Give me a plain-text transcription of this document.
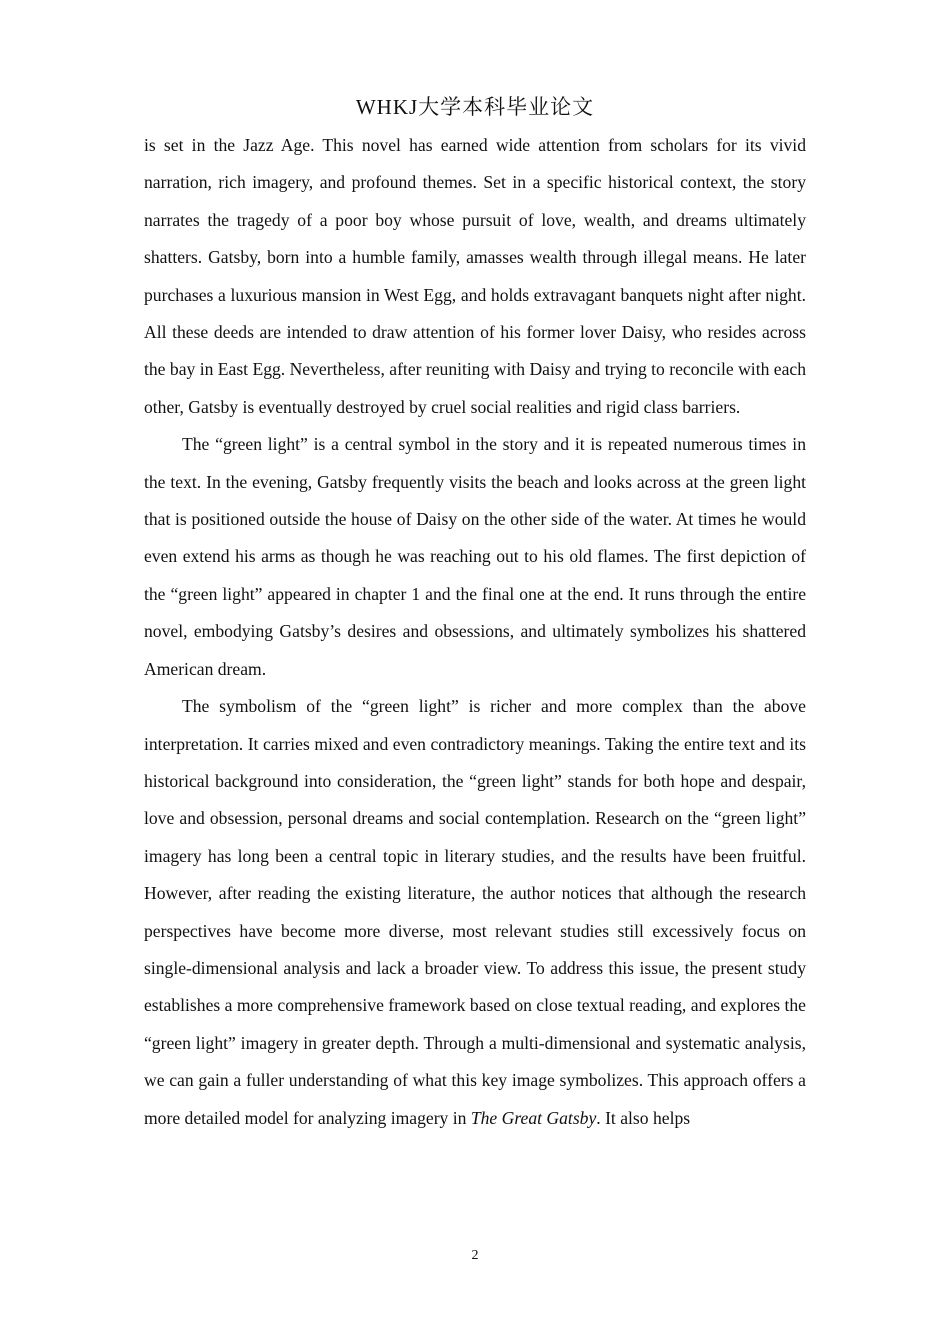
WHKJ大学本科毕业论文

is set in the Jazz Age. This novel has earned wide attention from scholars for its vivid narration, rich imagery, and profound themes. Set in a specific historical context, the story narrates the tragedy of a poor boy whose pursuit of love, wealth, and dreams ultimately shatters. Gatsby, born into a humble family, amasses wealth through illegal means. He later purchases a luxurious mansion in West Egg, and holds extravagant banquets night after night. All these deeds are intended to draw attention of his former lover Daisy, who resides across the bay in East Egg. Nevertheless, after reuniting with Daisy and trying to reconcile with each other, Gatsby is eventually destroyed by cruel social realities and rigid class barriers.

The “green light” is a central symbol in the story and it is repeated numerous times in the text. In the evening, Gatsby frequently visits the beach and looks across at the green light that is positioned outside the house of Daisy on the other side of the water. At times he would even extend his arms as though he was reaching out to his old flames. The first depiction of the “green light” appeared in chapter 1 and the final one at the end. It runs through the entire novel, embodying Gatsby’s desires and obsessions, and ultimately symbolizes his shattered American dream.

The symbolism of the “green light” is richer and more complex than the above interpretation. It carries mixed and even contradictory meanings. Taking the entire text and its historical background into consideration, the “green light” stands for both hope and despair, love and obsession, personal dreams and social contemplation. Research on the “green light” imagery has long been a central topic in literary studies, and the results have been fruitful. However, after reading the existing literature, the author notices that although the research perspectives have become more diverse, most relevant studies still excessively focus on single-dimensional analysis and lack a broader view. To address this issue, the present study establishes a more comprehensive framework based on close textual reading, and explores the “green light” imagery in greater depth. Through a multi-dimensional and systematic analysis, we can gain a fuller understanding of what this key image symbolizes. This approach offers a more detailed model for analyzing imagery in The Great Gatsby. It also helps

2
